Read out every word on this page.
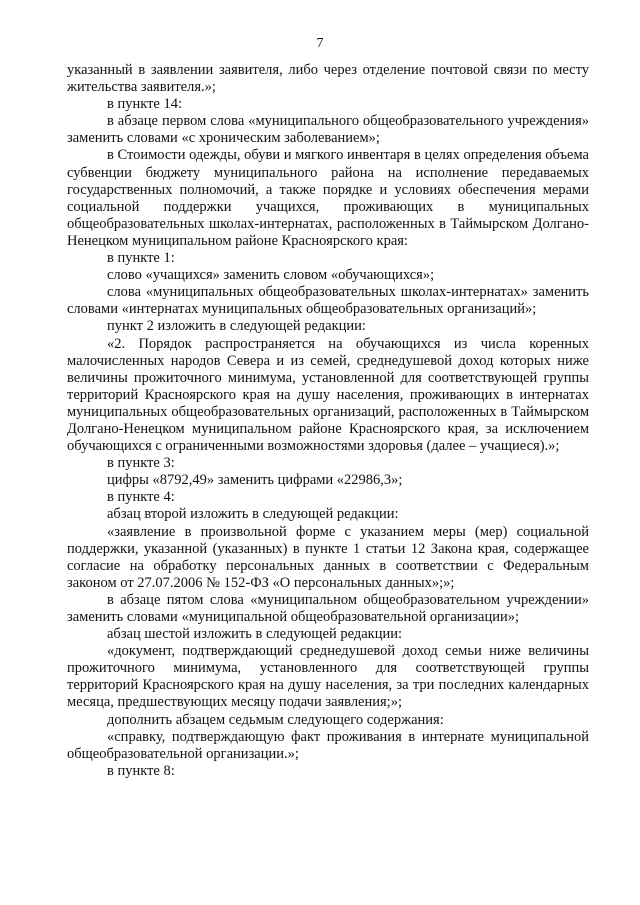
7

указанный в заявлении заявителя, либо через отделение почтовой связи по месту жительства заявителя.»;

в пункте 14:

в абзаце первом слова «муниципального общеобразовательного учреждения» заменить словами «с хроническим заболеванием»;

в Стоимости одежды, обуви и мягкого инвентаря в целях определения объема субвенции бюджету муниципального района на исполнение передаваемых государственных полномочий, а также порядке и условиях обеспечения мерами социальной поддержки учащихся, проживающих в муниципальных общеобразовательных школах-интернатах, расположенных в Таймырском Долгано-Ненецком муниципальном районе Красноярского края:

в пункте 1:

слово «учащихся» заменить словом «обучающихся»;

слова «муниципальных общеобразовательных школах-интернатах» заменить словами «интернатах муниципальных общеобразовательных организаций»;

пункт 2 изложить в следующей редакции:

«2. Порядок распространяется на обучающихся из числа коренных малочисленных народов Севера и из семей, среднедушевой доход которых ниже величины прожиточного минимума, установленной для соответствующей группы территорий Красноярского края на душу населения, проживающих в интернатах муниципальных общеобразовательных организаций, расположенных в Таймырском Долгано-Ненецком муниципальном районе Красноярского края, за исключением обучающихся с ограниченными возможностями здоровья (далее – учащиеся).»;

в пункте 3:

цифры «8792,49» заменить цифрами «22986,3»;

в пункте 4:

абзац второй изложить в следующей редакции:

«заявление в произвольной форме с указанием меры (мер) социальной поддержки, указанной (указанных) в пункте 1 статьи 12 Закона края, содержащее согласие на обработку персональных данных в соответствии с Федеральным законом от 27.07.2006 № 152-ФЗ «О персональных данных»;»;

в абзаце пятом слова «муниципальном общеобразовательном учреждении» заменить словами «муниципальной общеобразовательной организации»;

абзац шестой изложить в следующей редакции:

«документ, подтверждающий среднедушевой доход семьи ниже величины прожиточного минимума, установленного для соответствующей группы территорий Красноярского края на душу населения, за три последних календарных месяца, предшествующих месяцу подачи заявления;»;

дополнить абзацем седьмым следующего содержания:

«справку, подтверждающую факт проживания в интернате муниципальной общеобразовательной организации.»;

в пункте 8:
